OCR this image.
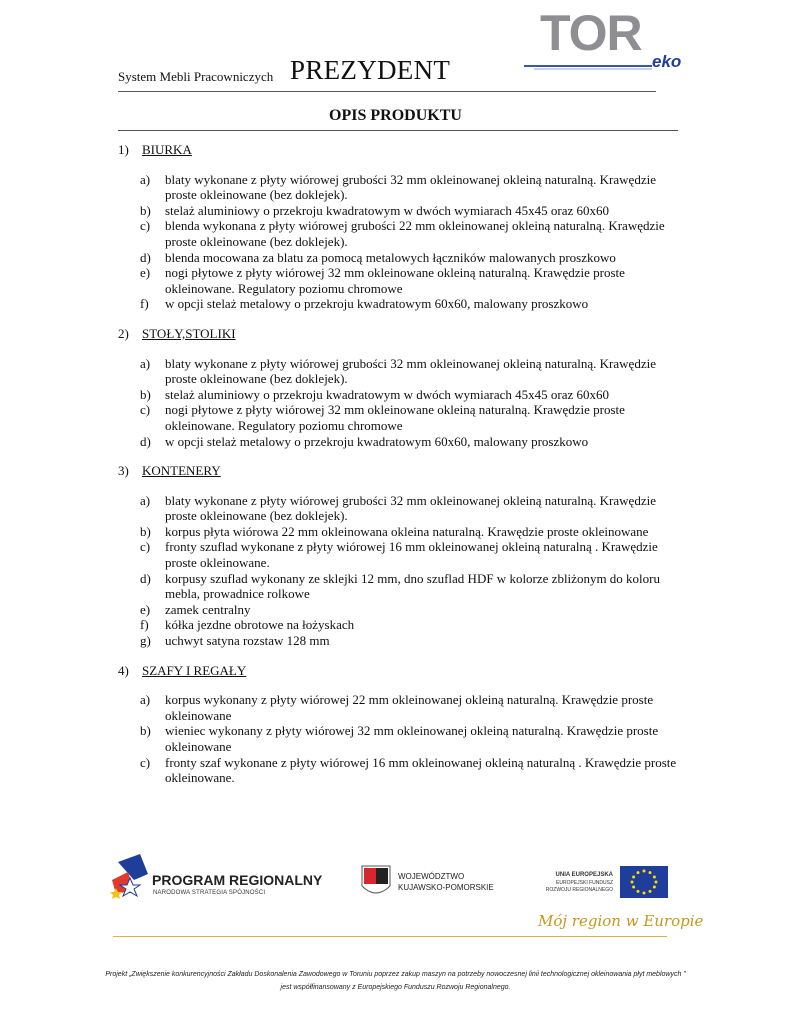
System Mebli Pracowniczych PREZYDENT
TOR
eko
OPIS PRODUKTU
1)	BIURKA
a)	blaty wykonane z płyty wiórowej grubości 32 mm okleinowanej okleiną naturalną. Krawędzie proste okleinowane (bez doklejek).
b)	stelaż aluminiowy o przekroju kwadratowym w dwóch wymiarach 45x45 oraz 60x60
c)	blenda wykonana z płyty wiórowej grubości 22 mm okleinowanej okleiną naturalną. Krawędzie proste okleinowane (bez doklejek).
d)	blenda mocowana za blatu za pomocą metalowych łączników malowanych proszkowo
e)	nogi płytowe z płyty wiórowej 32 mm okleinowane okleiną naturalną. Krawędzie proste okleinowane. Regulatory poziomu chromowe
f)	w opcji stelaż metalowy o przekroju kwadratowym 60x60, malowany proszkowo
2)	STOŁY,STOLIKI
a)	blaty wykonane z płyty wiórowej grubości 32 mm okleinowanej okleiną naturalną. Krawędzie proste okleinowane (bez doklejek).
b)	stelaż aluminiowy o przekroju kwadratowym w dwóch wymiarach 45x45 oraz 60x60
c)	nogi płytowe z płyty wiórowej 32 mm okleinowane okleiną naturalną. Krawędzie proste okleinowane. Regulatory poziomu chromowe
d)	w opcji stelaż metalowy o przekroju kwadratowym 60x60, malowany proszkowo
3)	KONTENERY
a)	blaty wykonane z płyty wiórowej grubości 32 mm okleinowanej okleiną naturalną. Krawędzie proste okleinowane (bez doklejek).
b)	korpus płyta wiórowa 22 mm okleinowana okleina naturalną. Krawędzie proste okleinowane
c)	fronty szuflad wykonane z płyty wiórowej 16 mm okleinowanej okleiną naturalną . Krawędzie proste okleinowane.
d)	korpusy szuflad wykonany ze sklejki 12 mm, dno szuflad HDF w kolorze zbliżonym do koloru mebla, prowadnice rolkowe
e)	zamek centralny
f)	kółka jezdne obrotowe na łożyskach
g)	uchwyt satyna rozstaw 128 mm
4)	SZAFY I REGAŁY
a)	korpus wykonany z płyty wiórowej 22 mm okleinowanej okleiną naturalną. Krawędzie proste okleinowane
b)	wieniec wykonany z płyty wiórowej 32 mm okleinowanej okleiną naturalną. Krawędzie proste okleinowane
c)	fronty szaf wykonane z płyty wiórowej 16 mm okleinowanej okleiną naturalną . Krawędzie proste okleinowane.
PROGRAM REGIONALNY
NARODOWA STRATEGIA SPÓJNOŚCI
WOJEWÓDZTWO
KUJAWSKO-POMORSKIE
UNIA EUROPEJSKA
EUROPEJSKI FUNDUSZ
ROZWOJU REGIONALNEGO
Mój region w Europie
Projekt „Zwiększenie konkurencyjności Zakładu Doskonalenia Zawodowego w Toruniu poprzez zakup maszyn na potrzeby nowoczesnej linii technologicznej okleinowania płyt meblowych ” jest współfinansowany z Europejskiego Funduszu Rozwoju Regionalnego.
